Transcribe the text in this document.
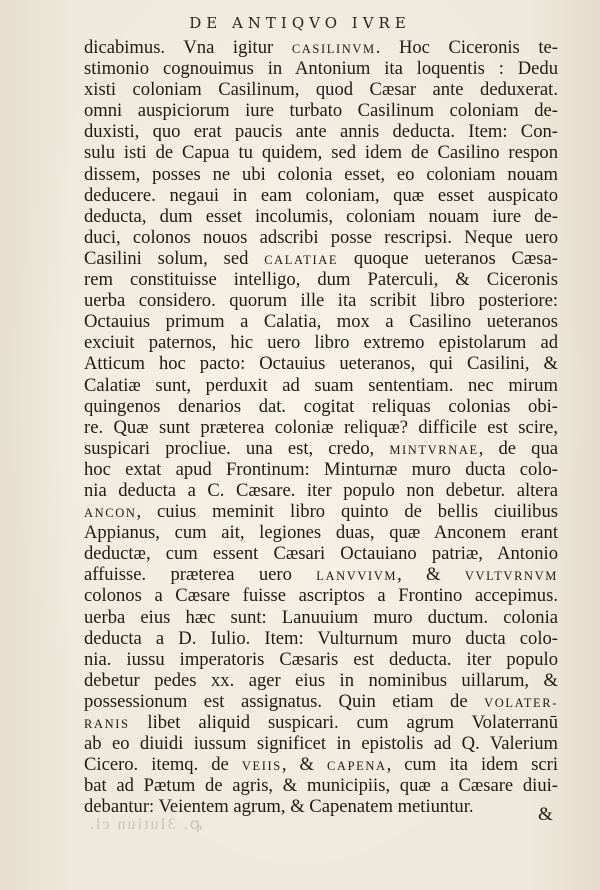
DE ANTIQVO IVRE
dicabimus. Vna igitur CASILINVM. Hoc Ciceronis te-
stimonio cognouimus in Antonium ita loquentis : Dedu
xisti coloniam Casilinum, quod Cæsar ante deduxerat.
omni auspiciorum iure turbato Casilinum coloniam de-
duxisti, quo erat paucis ante annis deducta. Item: Con-
sulu isti de Capua tu quidem, sed idem de Casilino respon
dissem, posses ne ubi colonia esset, eo coloniam nouam
deducere. negaui in eam coloniam, quæ esset auspicato
deducta, dum esset incolumis, coloniam nouam iure de-
duci, colonos nouos adscribi posse rescripsi. Neque uero
Casilini solum, sed CALATIAE quoque ueteranos Cæsa-
rem constituisse intelligo, dum Paterculi, & Ciceronis
uerba considero. quorum ille ita scribit libro posteriore:
Octauius primum a Calatia, mox a Casilino ueteranos
exciuit paternos, hic uero libro extremo epistolarum ad
Atticum hoc pacto: Octauius ueteranos, qui Casilini, &
Calatiæ sunt, perduxit ad suam sententiam. nec mirum
quingenos denarios dat. cogitat reliquas colonias obi-
re. Quæ sunt præterea coloniæ reliquæ? difficile est scire,
suspicari procliue. una est, credo, MINTVRNAE, de qua
hoc extat apud Frontinum: Minturnæ muro ducta colo-
nia deducta a C. Cæsare. iter populo non debetur. altera
ANCON, cuius meminit libro quinto de bellis ciuilibus
Appianus, cum ait, legiones duas, quæ Anconem erant
deductæ, cum essent Cæsari Octauiano patriæ, Antonio
affuisse. præterea uero LANVVIVM, & VVLTVRNVM
colonos a Cæsare fuisse ascriptos a Frontino accepimus.
uerba eius hæc sunt: Lanuuium muro ductum. colonia
deducta a D. Iulio. Item: Vulturnum muro ducta colo-
nia. iussu imperatoris Cæsaris est deducta. iter populo
debetur pedes xx. ager eius in nominibus uillarum, &
possessionum est assignatus. Quin etiam de VOLATER-
RANIS libet aliquid suspicari. cum agrum Volaterranū
ab eo diuidi iussum significet in epistolis ad Q. Valerium
Cicero. itemq. de VEIIS, & CAPENA, cum ita idem scri
bat ad Pætum de agris, & municipiis, quæ a Cæsare diui-
debantur: Veientem agrum, & Capenatem metiuntur.	&
ꝓ. 3Iutiun cl.
